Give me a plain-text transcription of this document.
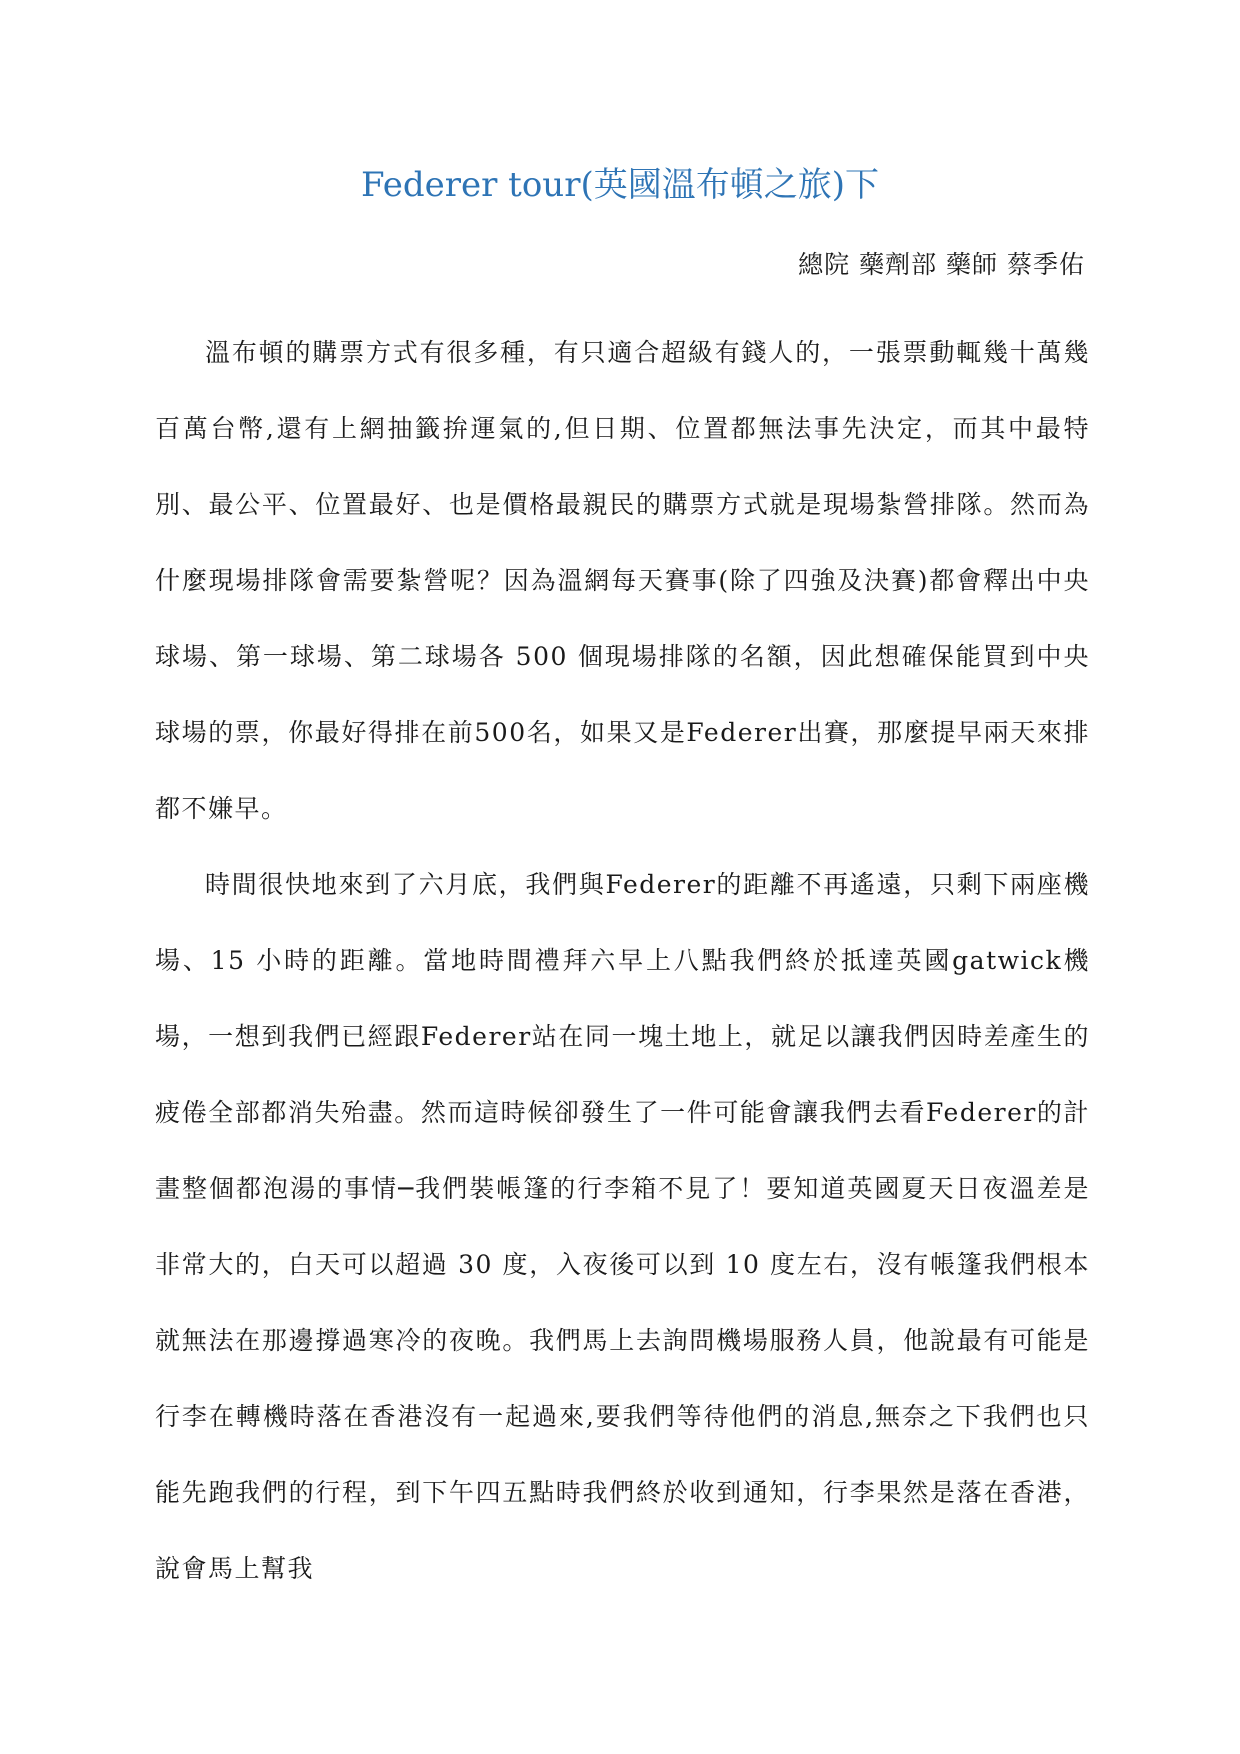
Federer tour(英國溫布頓之旅)下
總院 藥劑部 藥師 蔡季佑

溫布頓的購票方式有很多種，有只適合超級有錢人的，一張票動輒幾十萬幾百萬台幣,還有上網抽籤拚運氣的,但日期、位置都無法事先決定，而其中最特別、最公平、位置最好、也是價格最親民的購票方式就是現場紮營排隊。然而為什麼現場排隊會需要紮營呢？因為溫網每天賽事(除了四強及決賽)都會釋出中央球場、第一球場、第二球場各 500 個現場排隊的名額，因此想確保能買到中央球場的票，你最好得排在前500名，如果又是Federer出賽，那麼提早兩天來排都不嫌早。

時間很快地來到了六月底，我們與Federer的距離不再遙遠，只剩下兩座機場、15 小時的距離。當地時間禮拜六早上八點我們終於抵達英國gatwick機場，一想到我們已經跟Federer站在同一塊土地上，就足以讓我們因時差產生的疲倦全部都消失殆盡。然而這時候卻發生了一件可能會讓我們去看Federer的計畫整個都泡湯的事情─我們裝帳篷的行李箱不見了！要知道英國夏天日夜溫差是非常大的，白天可以超過 30 度，入夜後可以到 10 度左右，沒有帳篷我們根本就無法在那邊撐過寒冷的夜晚。我們馬上去詢問機場服務人員，他說最有可能是行李在轉機時落在香港沒有一起過來,要我們等待他們的消息,無奈之下我們也只能先跑我們的行程，到下午四五點時我們終於收到通知，行李果然是落在香港，說會馬上幫我
